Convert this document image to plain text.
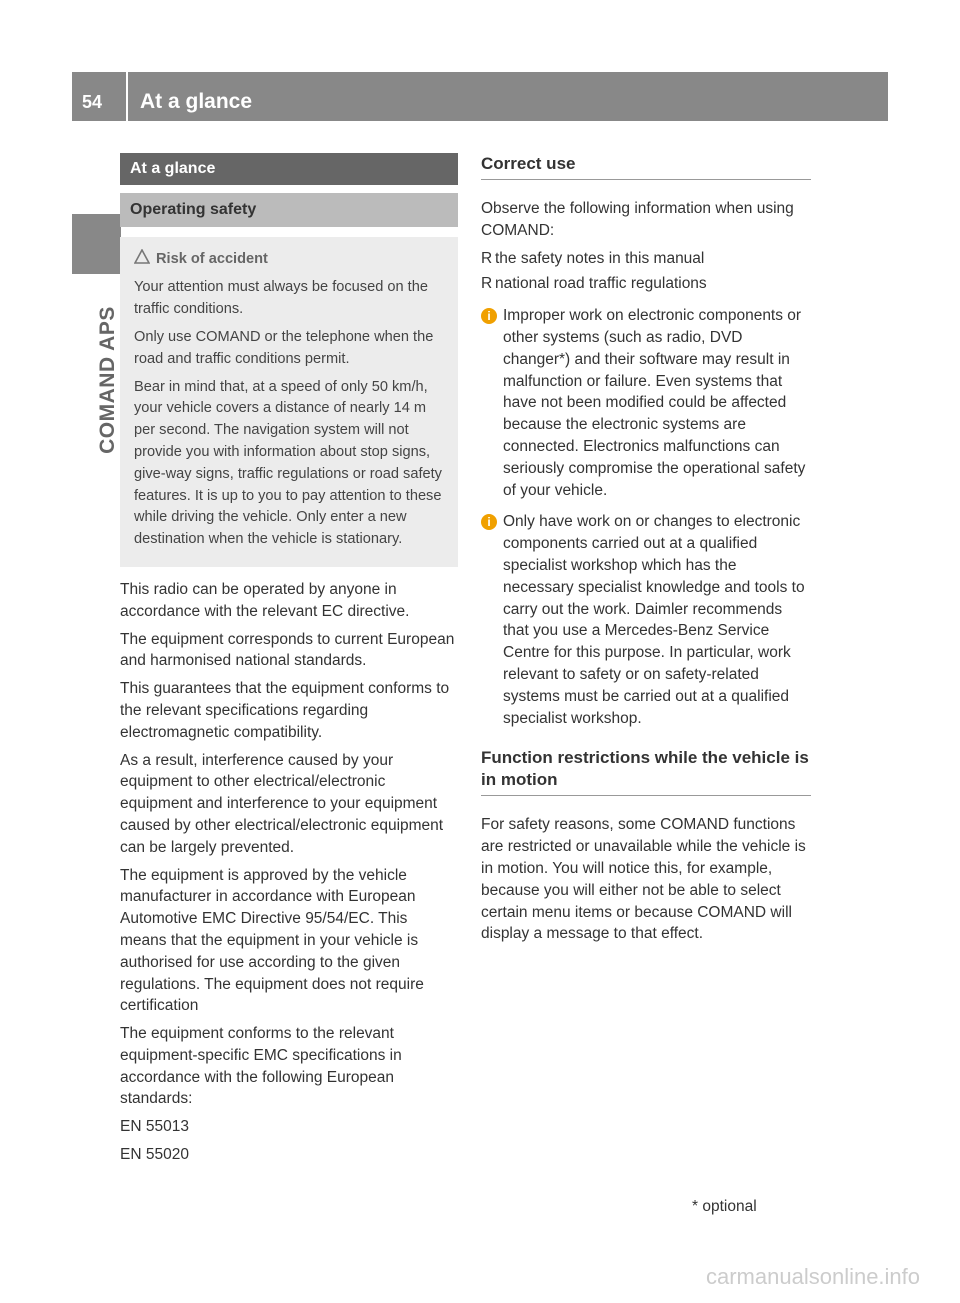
54 At a glance
COMAND APS
At a glance
Operating safety
Risk of accident

Your attention must always be focused on the traffic conditions.

Only use COMAND or the telephone when the road and traffic conditions permit.

Bear in mind that, at a speed of only 50 km/h, your vehicle covers a distance of nearly 14 m per second. The navigation system will not provide you with information about stop signs, give-way signs, traffic regulations or road safety features. It is up to you to pay attention to these while driving the vehicle. Only enter a new destination when the vehicle is stationary.

This radio can be operated by anyone in accordance with the relevant EC directive.

The equipment corresponds to current European and harmonised national standards.

This guarantees that the equipment conforms to the relevant specifications regarding electromagnetic compatibility.

As a result, interference caused by your equipment to other electrical/electronic equipment and interference to your equipment caused by other electrical/electronic equipment can be largely prevented.

The equipment is approved by the vehicle manufacturer in accordance with European Automotive EMC Directive 95/54/EC. This means that the equipment in your vehicle is authorised for use according to the given regulations. The equipment does not require certification

The equipment conforms to the relevant equipment-specific EMC specifications in accordance with the following European standards:

EN 55013

EN 55020

Correct use

Observe the following information when using COMAND:

R the safety notes in this manual
R national road traffic regulations
i Improper work on electronic components or other systems (such as radio, DVD changer*) and their software may result in malfunction or failure. Even systems that have not been modified could be affected because the electronic systems are connected. Electronics malfunctions can seriously compromise the operational safety of your vehicle.
i Only have work on or changes to electronic components carried out at a qualified specialist workshop which has the necessary specialist knowledge and tools to carry out the work. Daimler recommends that you use a Mercedes-Benz Service Centre for this purpose. In particular, work relevant to safety or on safety-related systems must be carried out at a qualified specialist workshop.
Function restrictions while the vehicle is in motion

For safety reasons, some COMAND functions are restricted or unavailable while the vehicle is in motion. You will notice this, for example, because you will either not be able to select certain menu items or because COMAND will display a message to that effect.

* optional
carmanualsonline.info
